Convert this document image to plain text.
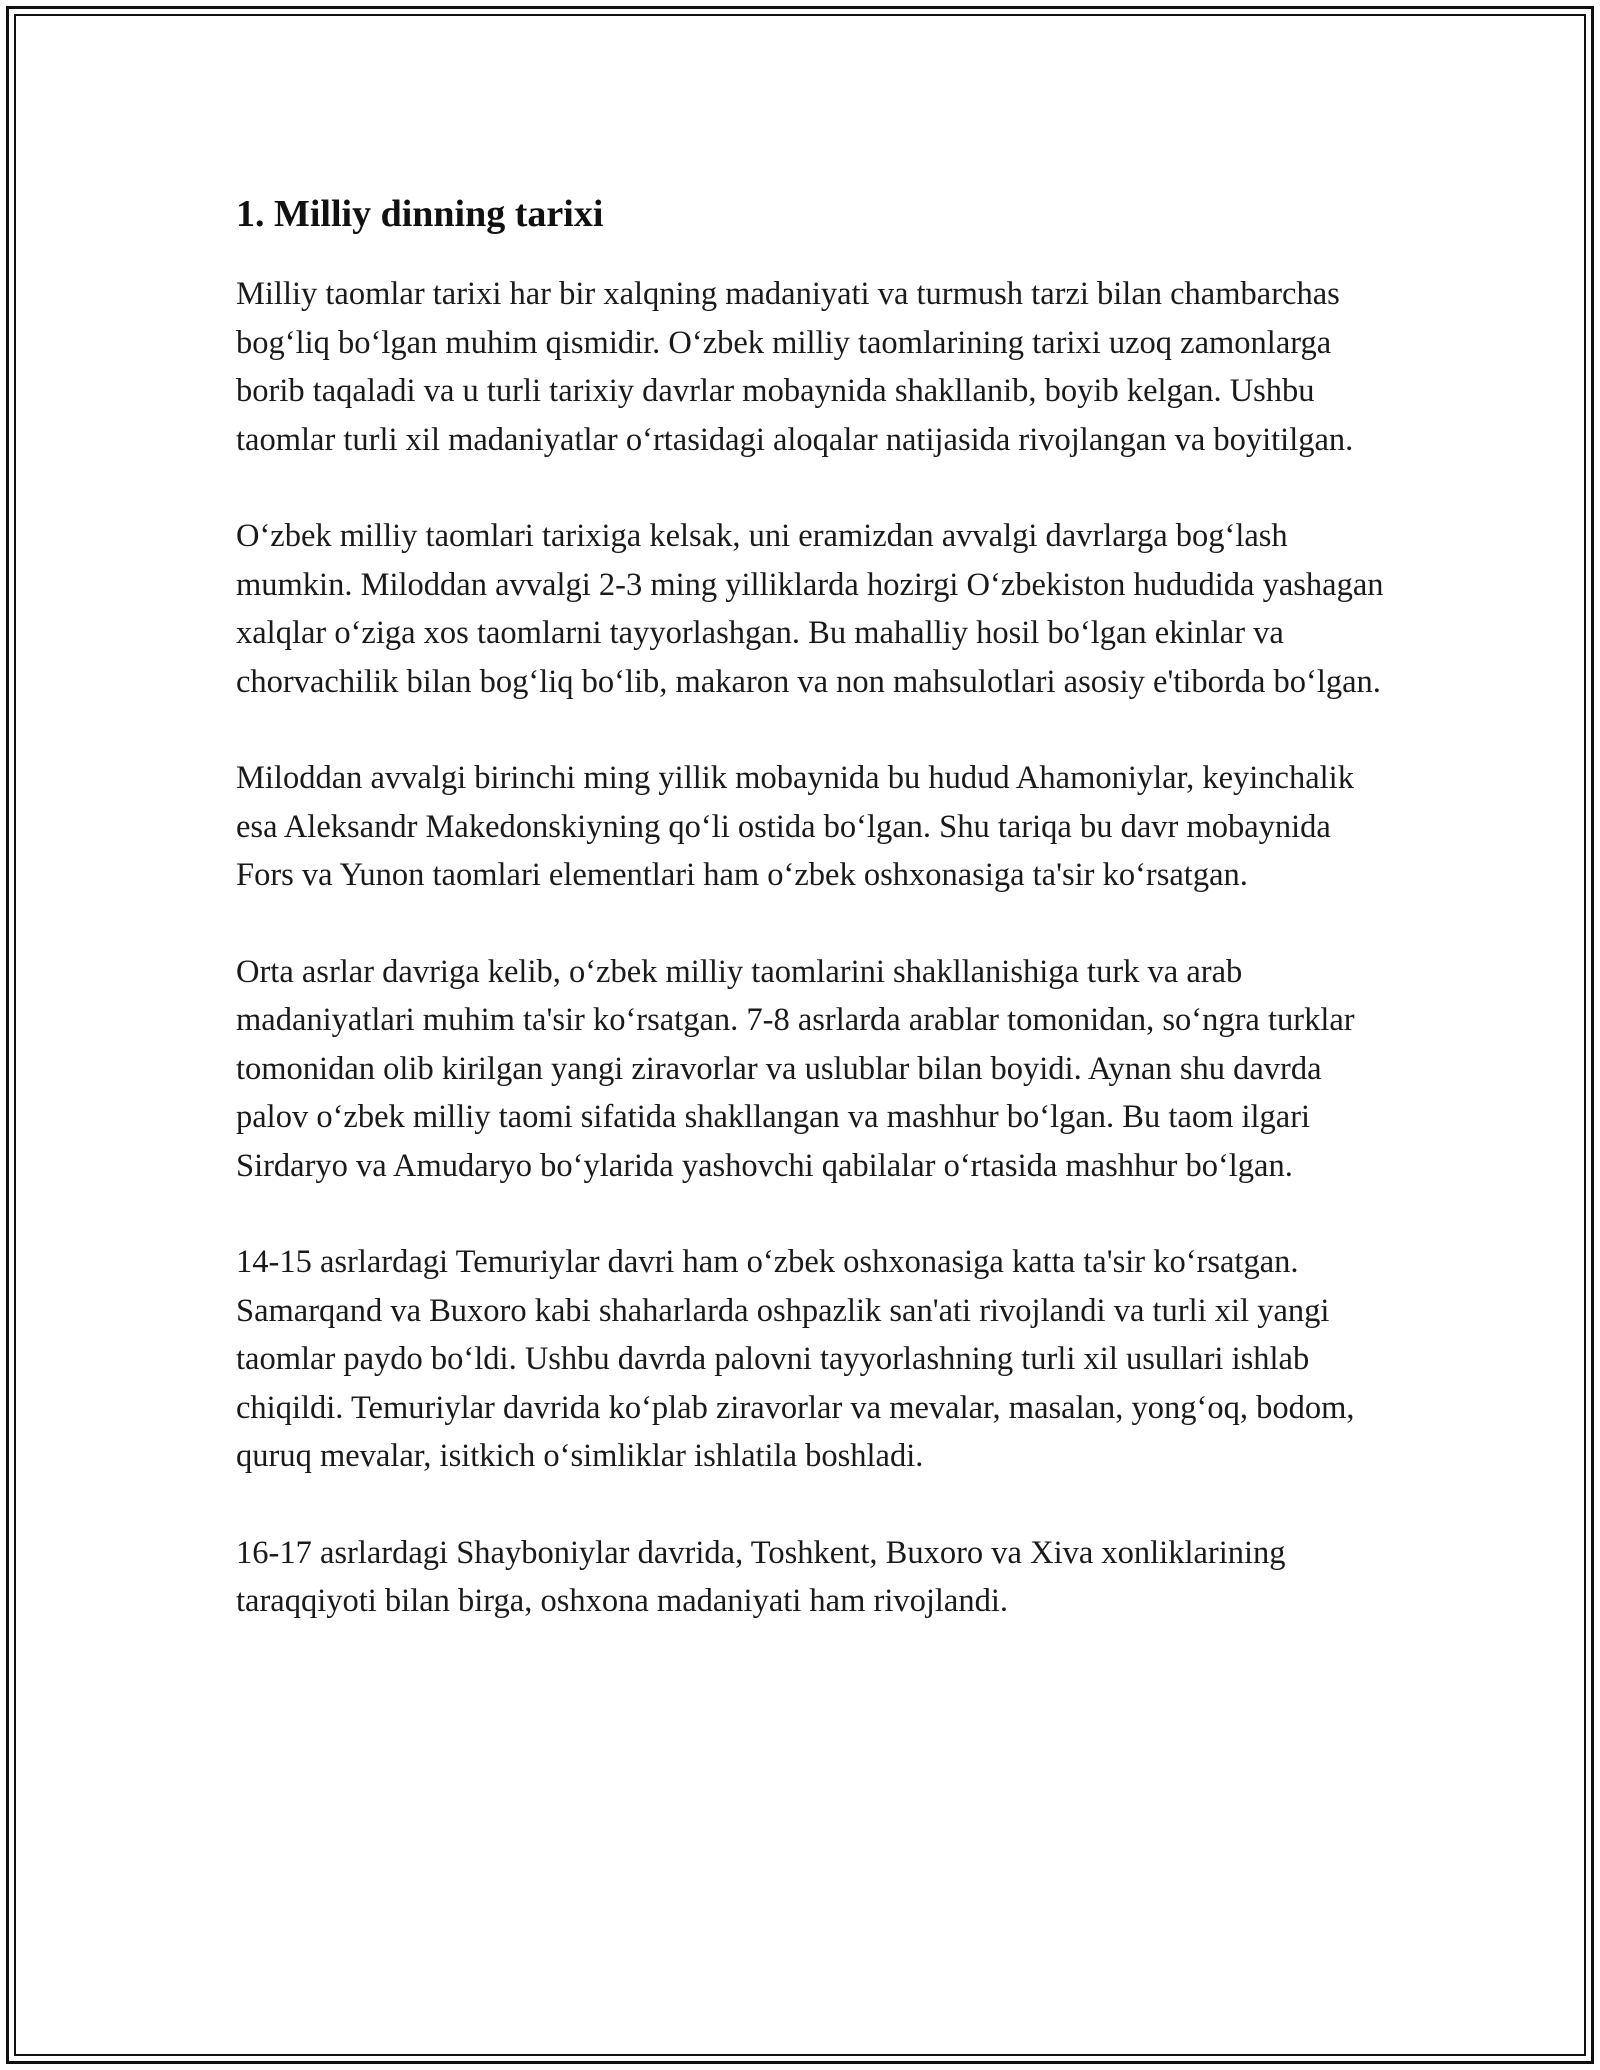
1. Milliy dinning tarixi

Milliy taomlar tarixi har bir xalqning madaniyati va turmush tarzi bilan chambarchas bog‘liq bo‘lgan muhim qismidir. O‘zbek milliy taomlarining tarixi uzoq zamonlarga borib taqaladi va u turli tarixiy davrlar mobaynida shakllanib, boyib kelgan. Ushbu taomlar turli xil madaniyatlar o‘rtasidagi aloqalar natijasida rivojlangan va boyitilgan.

O‘zbek milliy taomlari tarixiga kelsak, uni eramizdan avvalgi davrlarga bog‘lash mumkin. Miloddan avvalgi 2-3 ming yilliklarda hozirgi O‘zbekiston hududida yashagan xalqlar o‘ziga xos taomlarni tayyorlashgan. Bu mahalliy hosil bo‘lgan ekinlar va chorvachilik bilan bog‘liq bo‘lib, makaron va non mahsulotlari asosiy e'tiborda bo‘lgan.

Miloddan avvalgi birinchi ming yillik mobaynida bu hudud Ahamoniylar, keyinchalik esa Aleksandr Makedonskiyning qo‘li ostida bo‘lgan. Shu tariqa bu davr mobaynida Fors va Yunon taomlari elementlari ham o‘zbek oshxonasiga ta'sir ko‘rsatgan.

Orta asrlar davriga kelib, o‘zbek milliy taomlarini shakllanishiga turk va arab madaniyatlari muhim ta'sir ko‘rsatgan. 7-8 asrlarda arablar tomonidan, so‘ngra turklar tomonidan olib kirilgan yangi ziravorlar va uslublar bilan boyidi. Aynan shu davrda palov o‘zbek milliy taomi sifatida shakllangan va mashhur bo‘lgan. Bu taom ilgari Sirdaryo va Amudaryo bo‘ylarida yashovchi qabilalar o‘rtasida mashhur bo‘lgan.

14-15 asrlardagi Temuriylar davri ham o‘zbek oshxonasiga katta ta'sir ko‘rsatgan. Samarqand va Buxoro kabi shaharlarda oshpazlik san'ati rivojlandi va turli xil yangi taomlar paydo bo‘ldi. Ushbu davrda palovni tayyorlashning turli xil usullari ishlab chiqildi. Temuriylar davrida ko‘plab ziravorlar va mevalar, masalan, yong‘oq, bodom, quruq mevalar, isitkich o‘simliklar ishlatila boshladi.

16-17 asrlardagi Shayboniylar davrida, Toshkent, Buxoro va Xiva xonliklarining taraqqiyoti bilan birga, oshxona madaniyati ham rivojlandi.
